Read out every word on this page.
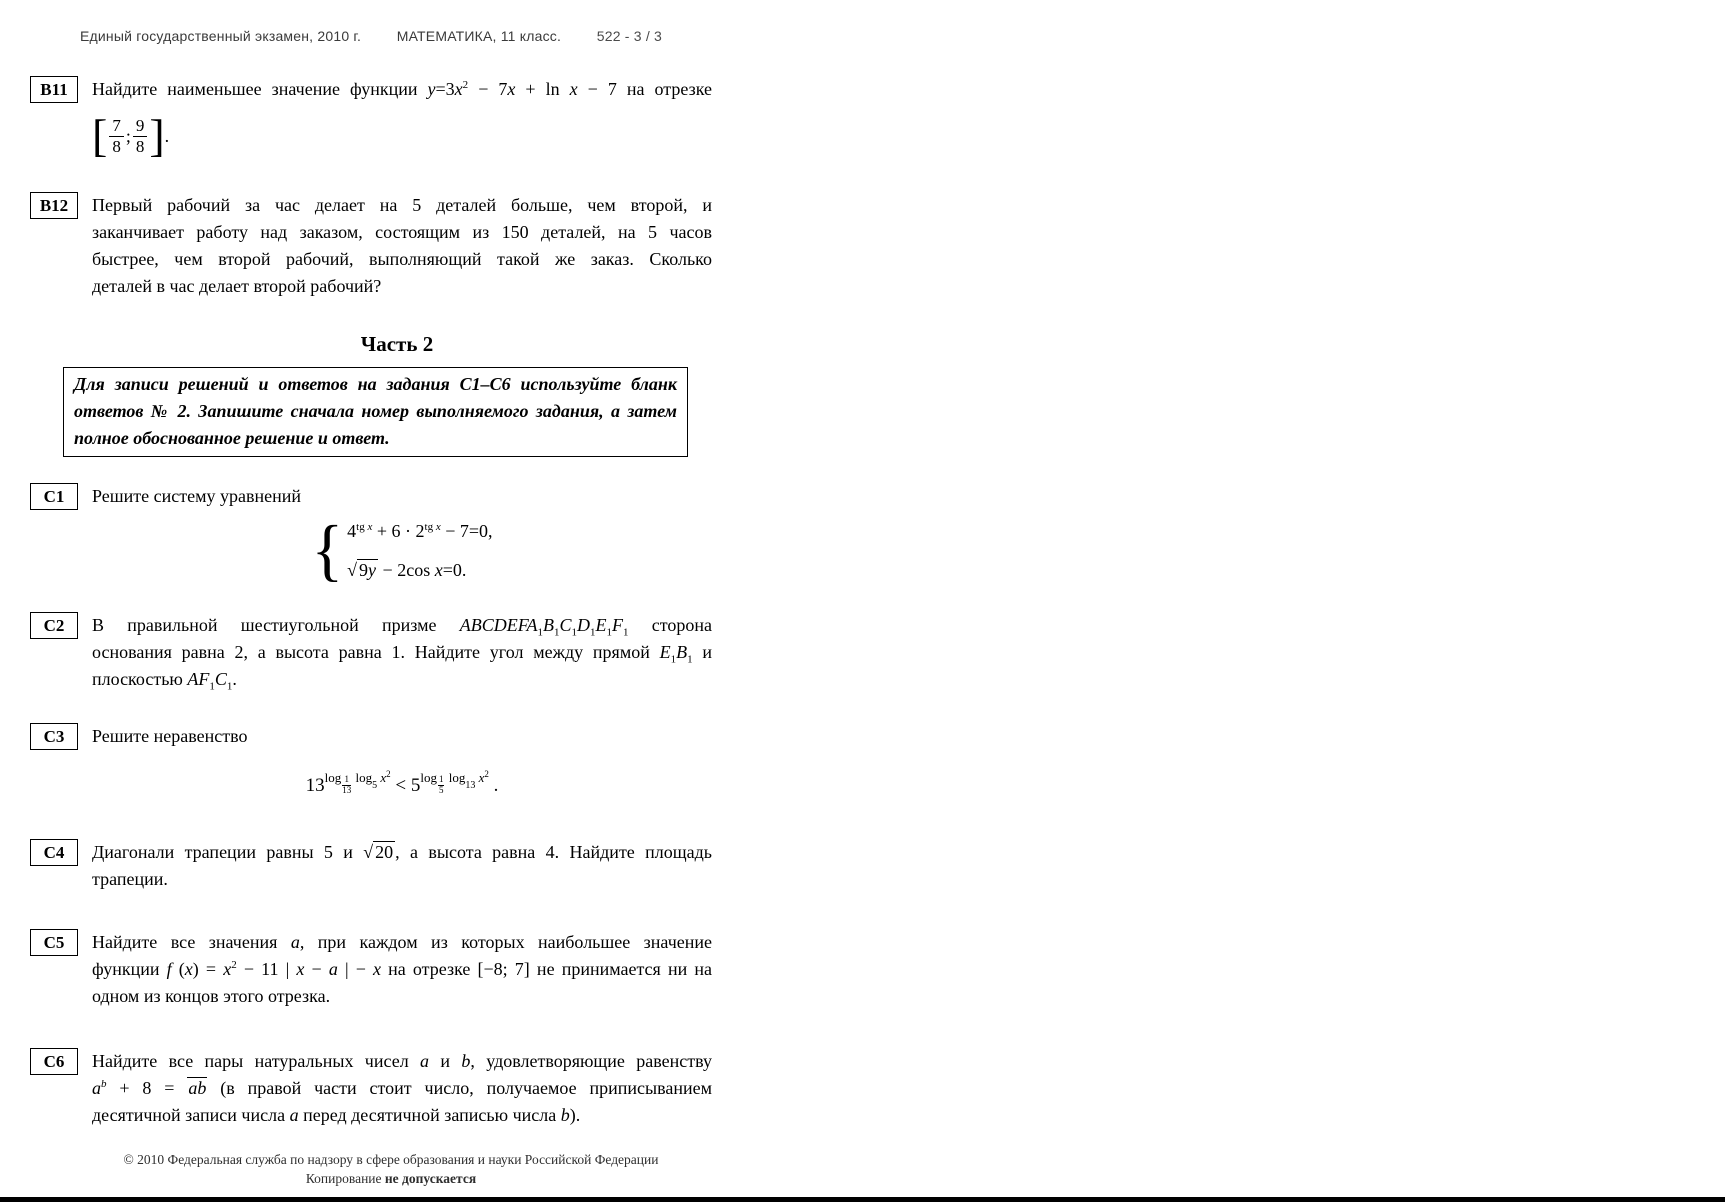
Единый государственный экзамен, 2010 г.	МАТЕМАТИКА, 11 класс.	522 - 3 / 3
B11	Найдите наименьшее значение функции $y=3x^2 - 7x + \ln x - 7$ на отрезке
[ 7
8
;
9
8 ] .
B12	Первый рабочий за час делает на 5 деталей больше, чем второй, и
заканчивает работу над заказом, состоящим из 150 деталей, на 5 часов
быстрее, чем второй рабочий, выполняющий такой же заказ. Сколько
деталей в час делает второй рабочий?
Часть 2
Для записи решений и ответов на задания С1–С6 используйте бланк
ответов № 2. Запишите сначала номер выполняемого задания, а затем
полное обоснованное решение и ответ.
C1	Решите систему уравнений
{ $4^{tg x} + 6 \cdot 2^{tg x} - 7=0$,
√ 9y − 2cos x=0.
C2	В правильной шестиугольной призме $ABCDEFA_1B_1C_1D_1E_1F_1$ сторона
основания равна 2, а высота равна 1. Найдите угол между прямой $E_1B_1$ и
плоскостью $AF_1C_1$.
C3	Решите неравенство
$13^{log _{\frac{1}{13}} log_5 x^2} < 5^{log _{\frac{1}{5}} log_{13} x^2}$ .
C4	Диагонали трапеции равны 5 и √ 20 , а высота равна 4. Найдите площадь
трапеции.
C5	Найдите все значения a, при каждом из которых наибольшее значение
функции f $(x) = x^2 - 11$ | x − a | − x на отрезке [−8; 7] не принимается ни на
одном из концов этого отрезка.
C6	Найдите все пары натуральных чисел a и b, удовлетворяющие равенству
$a^b + 8$ = ab (в правой части стоит число, получаемое приписыванием
десятичной записи числа a перед десятичной записью числа b).
© 2010 Федеральная служба по надзору в сфере образования и науки Российской Федерации
Копирование не допускается
